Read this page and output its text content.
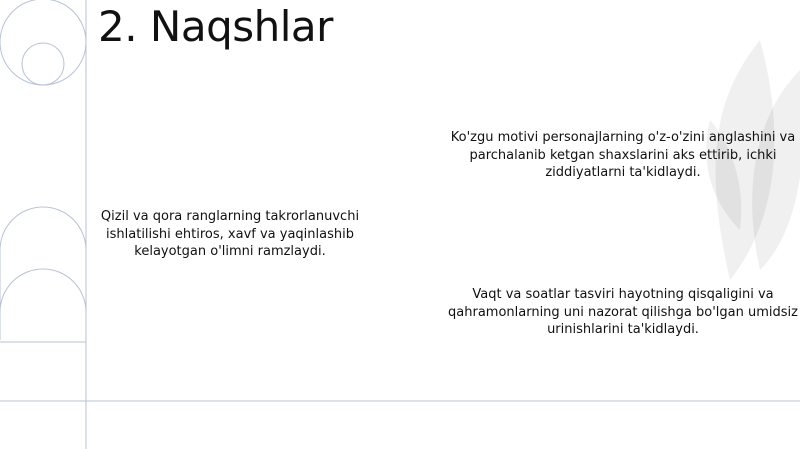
2. Naqshlar
Ko'zgu motivi personajlarning o'z-o'zini anglashini va parchalanib ketgan shaxslarini aks ettirib, ichki ziddiyatlarni ta'kidlaydi.
Qizil va qora ranglarning takrorlanuvchi ishlatilishi ehtiros, xavf va yaqinlashib kelayotgan o'limni ramzlaydi.
Vaqt va soatlar tasviri hayotning qisqaligini va qahramonlarning uni nazorat qilishga bo'lgan umidsiz urinishlarini ta'kidlaydi.
